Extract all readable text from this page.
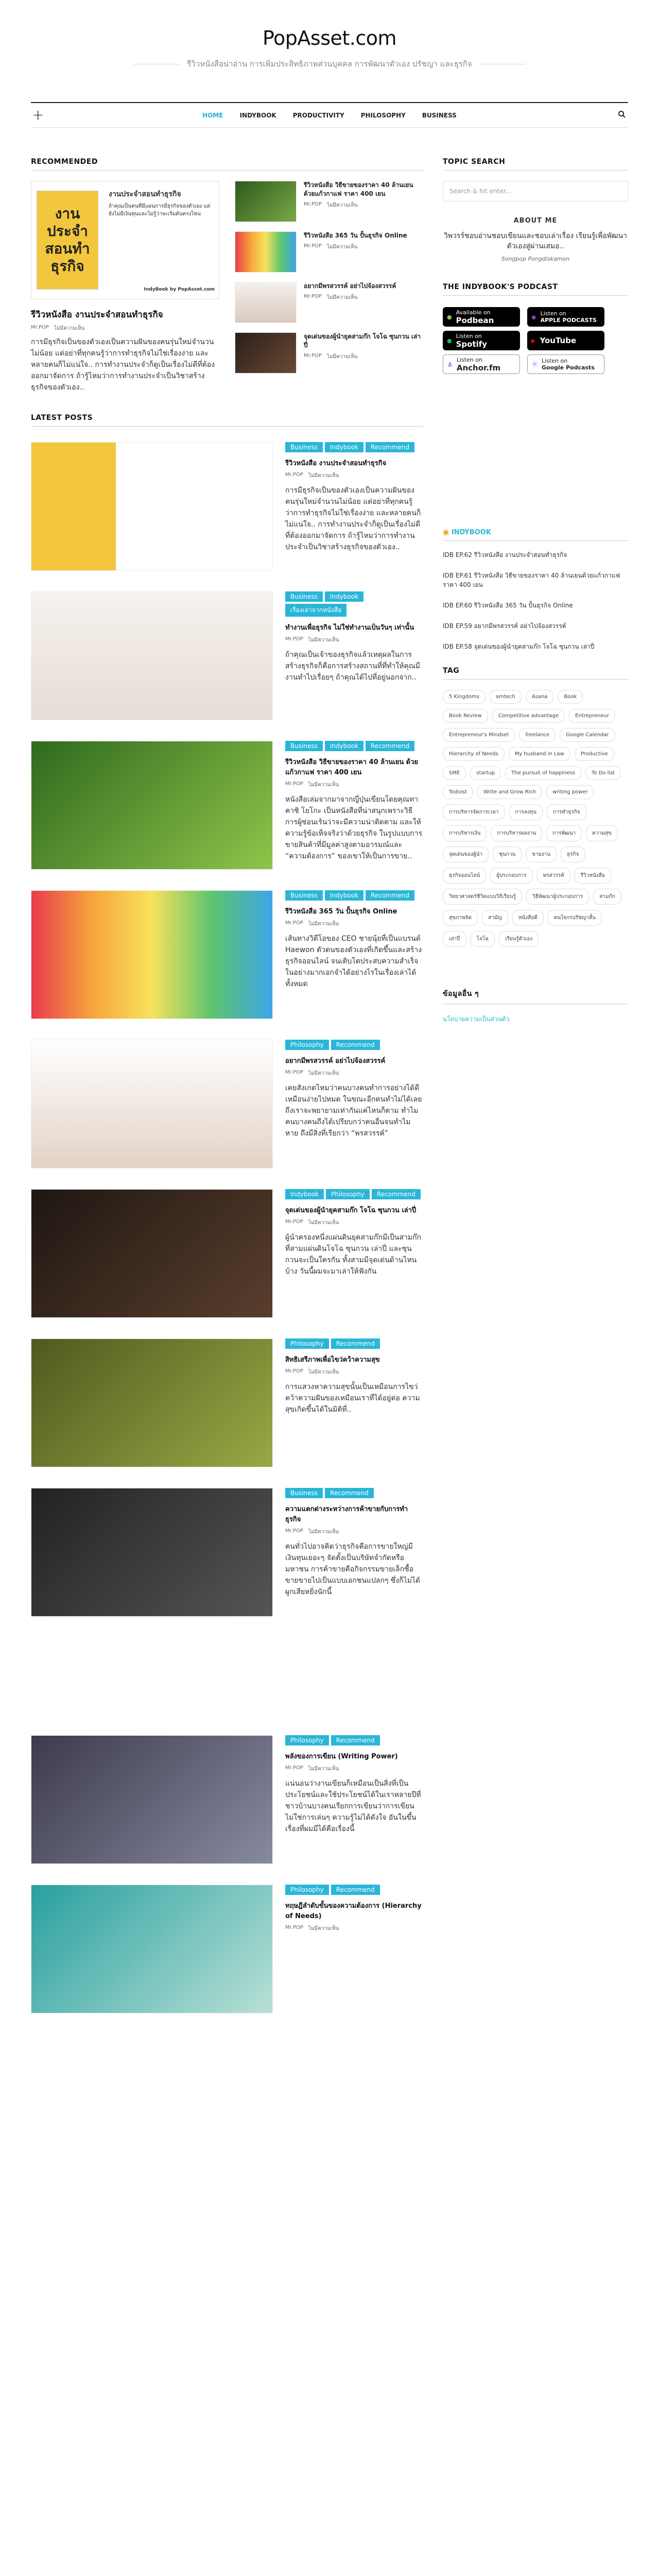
PopAsset.com
รีวิวหนังสือน่าอ่าน การเพิ่มประสิทธิภาพส่วนบุคคล การพัฒนาตัวเอง ปรัชญา และธุรกิจ
+	HOME	INDYBOOK	PRODUCTIVITY	PHILOSOPHY	BUSINESS
RECOMMENDED
งานประจำสอนทำธุรกิจ
งานประจำสอนทำธุรกิจ
ถ้าคุณเป็นคนที่มีแผนการมีธุรกิจของตัวเอง แต่ยังไม่มีเงินทุนและไม่รู้ว่าจะเริ่มต้นตรงไหน
IndyBook by PopAsset.com
รีวิวหนังสือ งานประจำสอนทำธุรกิจ
Mr.POP ไม่มีความเห็น
การมีธุรกิจเป็นของตัวเองเป็นความฝันของคนรุ่นใหม่จำนวนไม่น้อย แต่อย่าที่ทุกคนรู้ว่าการทำธุรกิจไม่ใช่เรื่องง่าย และหลายคนก็ไม่แน่ใจ.. การทำงานประจำก็ดูเป็นเรื่องไม่ดีที่ต้องออกมาจัดการ ถ้ารู้ไหมว่าการทำงานประจำเป็นวิชาสร้างธุรกิจของตัวเอง..
รีวิวหนังสือ วิธีขายของราคา 40 ล้านเยน ด้วยแก้วกาแฟ ราคา 400 เยน
Mr.POP ไม่มีความเห็น
รีวิวหนังสือ 365 วัน ปั้นธุรกิจ Online
Mr.POP ไม่มีความเห็น
อยากมีพรสวรรค์ อย่าไปจ้องสวรรค์
Mr.POP ไม่มีความเห็น
จุดเด่นของผู้นำยุคสามก๊ก โจโฉ ซุนกวน เล่าปี่
Mr.POP ไม่มีความเห็น
LATEST POSTS
Business	Indybook	Recommend
รีวิวหนังสือ งานประจำสอนทำธุรกิจ
Mr.POP ไม่มีความเห็น
การมีธุรกิจเป็นของตัวเองเป็นความฝันของคนรุ่นใหม่จำนวนไม่น้อย แต่อย่าที่ทุกคนรู้ว่าการทำธุรกิจไม่ใช่เรื่องง่าย และหลายคนก็ไม่แน่ใจ.. การทำงานประจำก็ดูเป็นเรื่องไม่ดีที่ต้องออกมาจัดการ ถ้ารู้ไหมว่าการทำงานประจำเป็นวิชาสร้างธุรกิจของตัวเอง..
Business	Indybook
เรื่องเล่าจากหนังสือ
ทำงานเพื่อธุรกิจ ไม่ใช่ทำงานเป็นวันๆ เท่านั้น
Mr.POP ไม่มีความเห็น
ถ้าคุณเป็นเจ้าของธุรกิจแล้วเหตุผลในการสร้างธุรกิจก็คือการสร้างสถานที่ที่ทำให้คุณมีงานทำไปเรื่อยๆ ถ้าคุณได้ไปที่อยู่นอกจาก..
Business	Indybook	Recommend
รีวิวหนังสือ วิธีขายของราคา 40 ล้านเยน ด้วยแก้วกาแฟ ราคา 400 เยน
Mr.POP ไม่มีความเห็น
หนังสือเล่มจากมาจากญี่ปุ่นเขียนโดยคุณทาคาชิ โยโกะ เป็นหนังสือที่น่าสนุกเพราะวิธีการผู้ซ่อนเร้นว่าจะมีความน่าติดตาม และให้ความรู้ข้อเท็จจริงว่าด้วยธุรกิจ ในรูปแบบการขายสินค้าที่มีมูลค่าสูงตามอารมณ์และ “ความต้องการ” ของเขาให้เป็นการขาย..
Business	Indybook	Recommend
รีวิวหนังสือ 365 วัน ปั้นธุรกิจ Online
Mr.POP ไม่มีความเห็น
เส้นทางวิดีโอของ CEO ชายนุ้ยที่เป็นแบรนด์ Haewon ตัวตนของตัวเองที่เกิดขึ้นและสร้างธุรกิจออนไลน์ จนเติบโตประสบความสำเร็จในอย่างมากเอกจำได้อย่างไรในเรื่องเล่าได้ทั้งหมด
Philosophy	Recommend
อยากมีพรสวรรค์ อย่าไปจ้องสวรรค์
Mr.POP ไม่มีความเห็น
เคยสังเกตไหมว่าคนบางคนทำการอย่างได้ดีเหมือนง่ายไปหมด ในขณะอีกคนทำไม่ได้เลยถึงเราจะพยายามเท่ากันแค่ไหนก็ตาม ทำไมคนบางคนถึงได้เปรียบกว่าคนอื่นจนทำไมหาย ถึงมีสิ่งที่เรียกว่า “พรสวรรค์”
Indybook	Philosophy	Recommend
จุดเด่นของผู้นำยุคสามก๊ก โจโฉ ซุนกวน เล่าปี่
Mr.POP ไม่มีความเห็น
ผู้นำครองหนึ่งแผ่นดินยุคสามก๊กมีเป็นสามก๊ก ที่สามแผ่นดินโจโฉ ซุนกวน เล่าปี่ และซุนกวนจะเป็นใครกัน ทั้งสามมีจุดเด่นด้านไหนบ้าง วันนี้ผมจะมาเล่าให้ฟังกัน
Philosophy	Recommend
สิทธิเสรีภาพเพื่อไขว่คว้าความสุข
Mr.POP ไม่มีความเห็น
การแสวงหาความสุขนั้นเป็นเหมือนการไขว่คว้าความฝันของเหมือนเราที่ได้อยู่ต่อ ความสุขเกิดขึ้นได้ในมิติที่..
Business	Recommend
ความแตกต่างระหว่างการค้าขายกับการทำธุรกิจ
Mr.POP ไม่มีความเห็น
คนทั่วไปอาจคิดว่าธุรกิจคือการขายใหญ่มีเงินทุนเยอะๆ จัดตั้งเป็นบริษัทจำกัดหรือมหาชน การค้าขายคือกิจกรรมขายเล็กซื้อขายขายไปเป็นแบบเอกชนแปลกๆ ซึ่งก็ไม่ได้ผูกเสียหยิ่งนักนี้
Philosophy	Recommend
พลังของการเขียน (Writing Power)
Mr.POP ไม่มีความเห็น
แน่นอนว่างานเขียนก็เหมือนเป็นสิ่งที่เป็นประโยชน์และใช้ประโยชน์ได้ในเราหลายปีที่ชาวบ้านบางคนเรียกการเขียนว่าการเขียนไม่ใช่การเล่นๆ ความรู้ไม่ได้ดังใจ อันในขึ้นเรื่องที่ผมมีได้คือเรื่องนี้
Philosophy	Recommend
ทฤษฎีลำดับขั้นของความต้องการ (Hierarchy of Needs)
Mr.POP ไม่มีความเห็น
TOPIC SEARCH
Search & hit enter...
ABOUT ME
วิพวรร์ชอบอ่านชอบเขียนและชอบเล่าเรื่อง เรียนรู้เพื่อพัฒนาตัวเองสู่ผ่านเสมอ..
Songpop Pongdiskamon
THE INDYBOOK'S PODCAST
●
Available on
Podbean	◉ Listen on
APPLE PODCASTS
●
Listen on
Spotify	▶ YouTube
⚓
Listen on
Anchor.fm	⦿
Listen on
Google Podcasts
▣ INDYBOOK

IDB EP.62 รีวิวหนังสือ งานประจำสอนทำธุรกิจ

IDB EP.61 รีวิวหนังสือ วิธีขายของราคา 40 ล้านเยนด้วยแก้วกาแฟราคา 400 เยน

IDB EP.60 รีวิวหนังสือ 365 วัน ปั้นธุรกิจ Online

IDB EP.59 อยากมีพรสวรรค์ อย่าไปจ้องสวรรค์

IDB EP.58 จุดเด่นของผู้นำยุคสามก๊ก โจโฉ ซุนกวน เล่าปี่

TAG
5 Kingdoms	amtech	Asana	Book
Book Review	Competitive advantage	Entrepreneur
Entrepreneur's Mindset	freelance	Google Calendar
Hierarchy of Needs	My husband in Law	Productive
SME	startup	The pursuit of happiness	To Do list
Todoist	Write and Grow Rich	writing power
การบริหารจัดการเวลา	การลงทุน	การทำธุรกิจ
การบริหารเงิน	การบริหารผลงาน	การพัฒนา	ความสุข
จุดเด่นของผู้นำ	ซุนกวน	ขายงาน	ธุรกิจ
ธุรกิจออนไลน์	ผู้ประกอบการ	พรสวรรค์	รีวิวหนังสือ
วิทยาศาสตร์ชีวิตแบบวิถีเรียนรู้	วิธีพัฒนาผู้ประกอบการ	สามก๊ก
สุขภาพจิต	สามัญ	หนังสือดี	ตนใจกรปรัชญาสั้น
เล่าปี่	โจโฉ	เรียนรู้ตัวเอง
ข้อมูลอื่น ๆ
นโยบายความเป็นส่วนตัว
